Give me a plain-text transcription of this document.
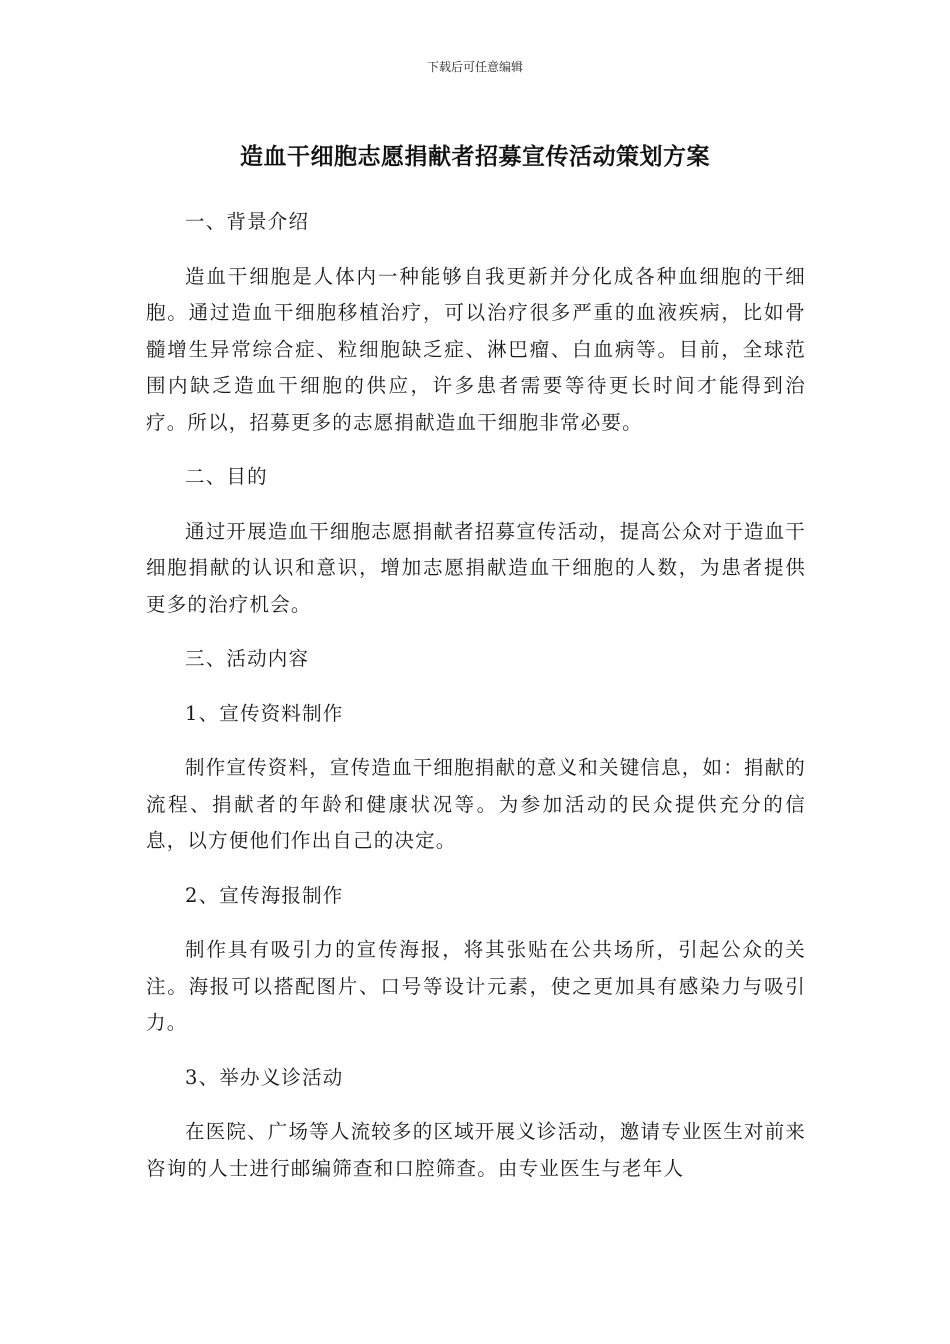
下载后可任意编辑
造血干细胞志愿捐献者招募宣传活动策划方案

一、背景介绍

造血干细胞是人体内一种能够自我更新并分化成各种血细胞的干细胞。通过造血干细胞移植治疗，可以治疗很多严重的血液疾病，比如骨髓增生异常综合症、粒细胞缺乏症、淋巴瘤、白血病等。目前，全球范围内缺乏造血干细胞的供应，许多患者需要等待更长时间才能得到治疗。所以，招募更多的志愿捐献造血干细胞非常必要。

二、目的

通过开展造血干细胞志愿捐献者招募宣传活动，提高公众对于造血干细胞捐献的认识和意识，增加志愿捐献造血干细胞的人数，为患者提供更多的治疗机会。

三、活动内容

1、宣传资料制作

制作宣传资料，宣传造血干细胞捐献的意义和关键信息，如：捐献的流程、捐献者的年龄和健康状况等。为参加活动的民众提供充分的信息，以方便他们作出自己的决定。

2、宣传海报制作

制作具有吸引力的宣传海报，将其张贴在公共场所，引起公众的关注。海报可以搭配图片、口号等设计元素，使之更加具有感染力与吸引力。

3、举办义诊活动

在医院、广场等人流较多的区域开展义诊活动，邀请专业医生对前来咨询的人士进行邮编筛查和口腔筛查。由专业医生与老年人
